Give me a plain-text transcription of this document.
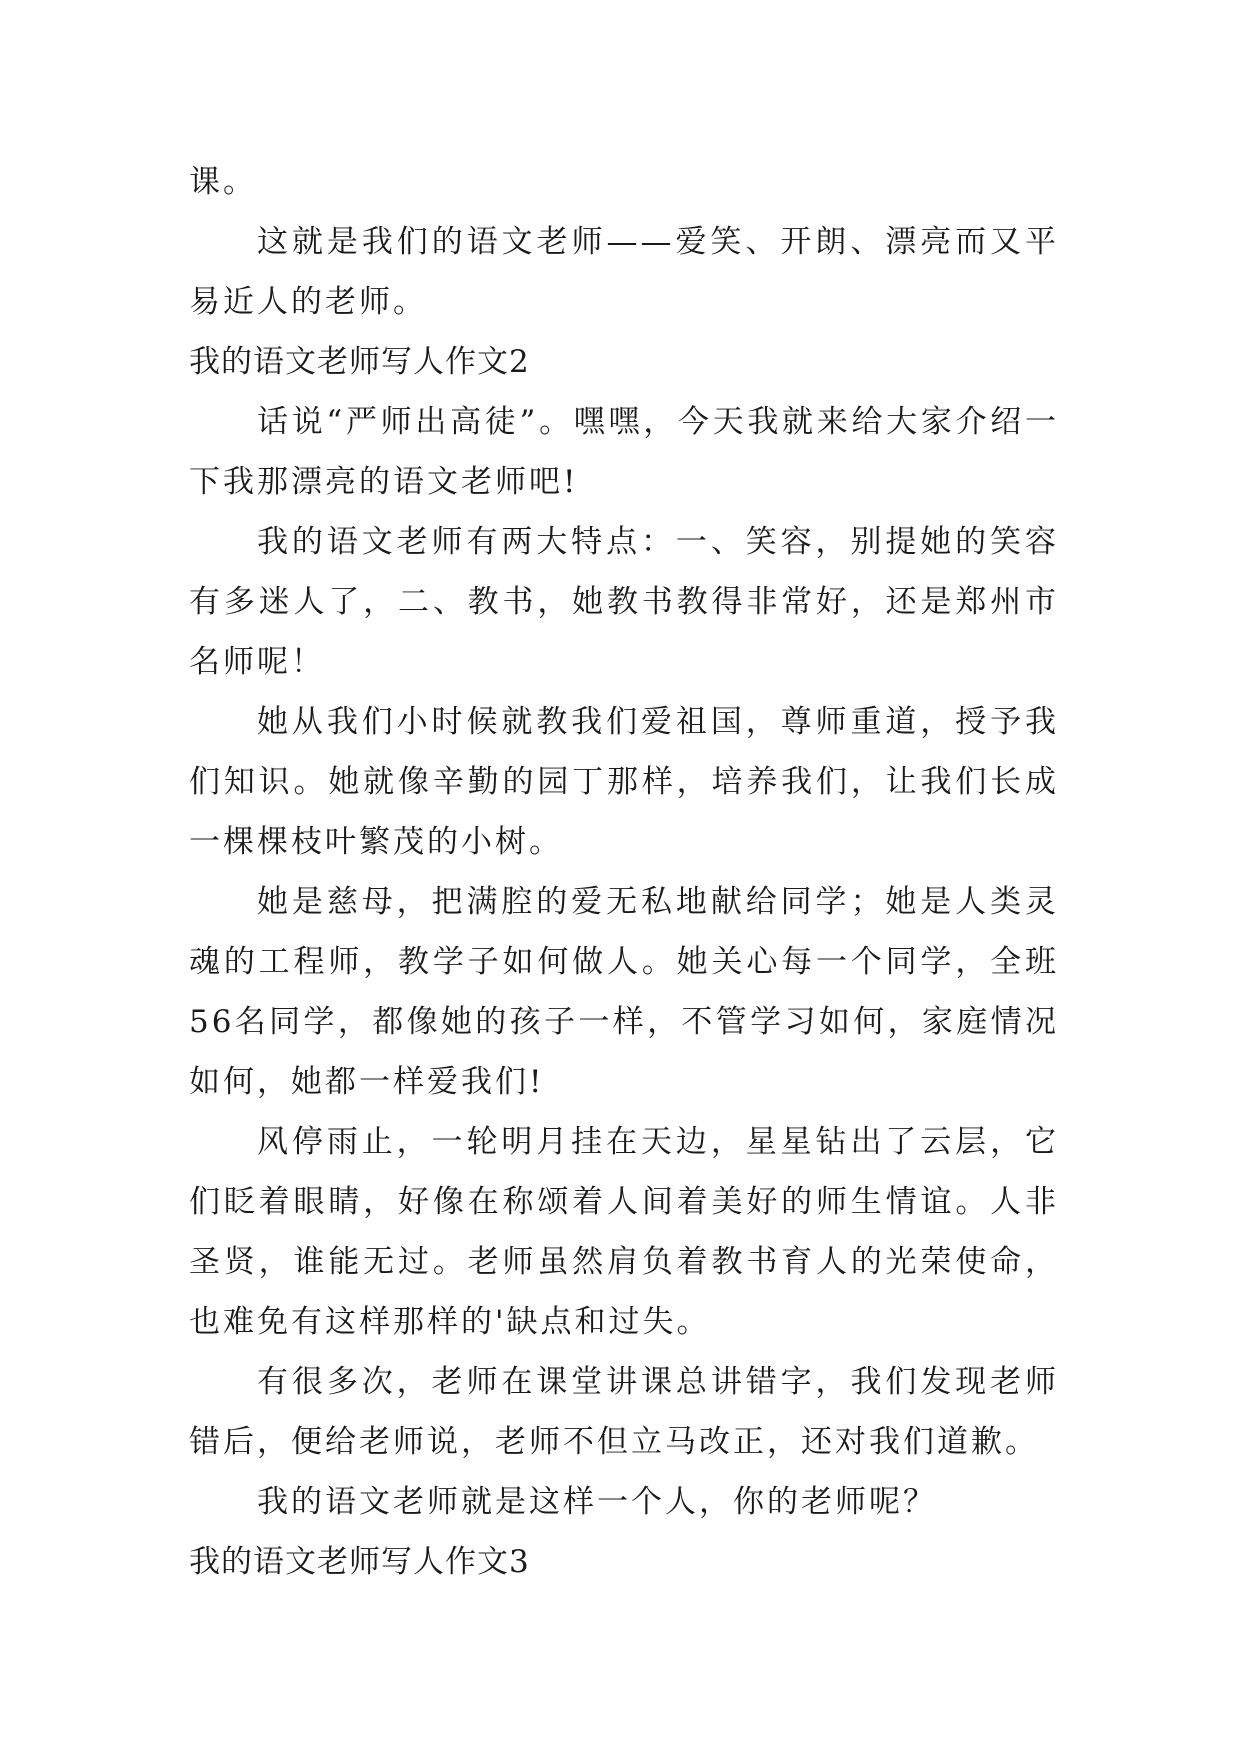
课。

这就是我们的语文老师——爱笑、开朗、漂亮而又平易近人的老师。

我的语文老师写人作文2

话说“严师出高徒”。嘿嘿，今天我就来给大家介绍一下我那漂亮的语文老师吧!

我的语文老师有两大特点：一、笑容，别提她的笑容有多迷人了，二、教书，她教书教得非常好，还是郑州市名师呢！

她从我们小时候就教我们爱祖国，尊师重道，授予我们知识。她就像辛勤的园丁那样，培养我们，让我们长成一棵棵枝叶繁茂的小树。

她是慈母，把满腔的爱无私地献给同学；她是人类灵魂的工程师，教学子如何做人。她关心每一个同学，全班56名同学，都像她的孩子一样，不管学习如何，家庭情况如何，她都一样爱我们!

风停雨止，一轮明月挂在天边，星星钻出了云层，它们眨着眼睛，好像在称颂着人间着美好的师生情谊。人非圣贤，谁能无过。老师虽然肩负着教书育人的光荣使命，也难免有这样那样的'缺点和过失。

有很多次，老师在课堂讲课总讲错字，我们发现老师错后，便给老师说，老师不但立马改正，还对我们道歉。

我的语文老师就是这样一个人，你的老师呢？

我的语文老师写人作文3
